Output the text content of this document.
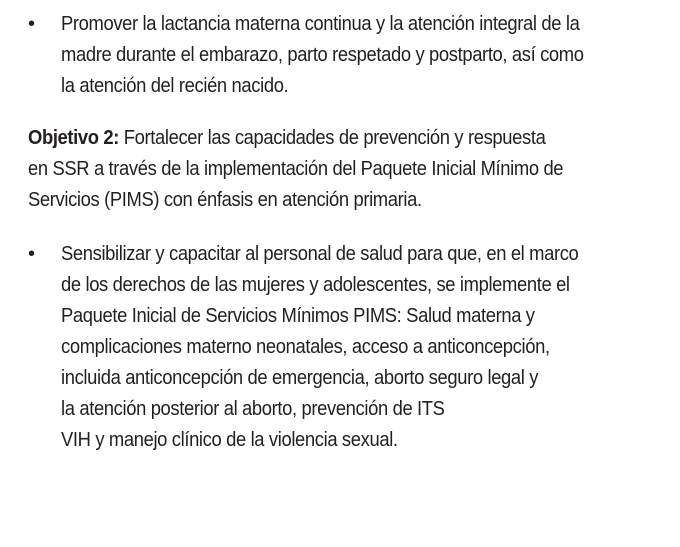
• Promover la lactancia materna continua y la atención integral de la
madre durante el embarazo, parto respetado y postparto, así como
la atención del recién nacido.
Objetivo 2: Fortalecer las capacidades de prevención y respuesta
en SSR a través de la implementación del Paquete Inicial Mínimo de
Servicios (PIMS) con énfasis en atención primaria.
• Sensibilizar y capacitar al personal de salud para que, en el marco
de los derechos de las mujeres y adolescentes, se implemente el
Paquete Inicial de Servicios Mínimos PIMS: Salud materna y
complicaciones materno neonatales, acceso a anticoncepción,
incluida anticoncepción de emergencia, aborto seguro legal y
la atención posterior al aborto, prevención de ITS
VIH y manejo clínico de la violencia sexual.
